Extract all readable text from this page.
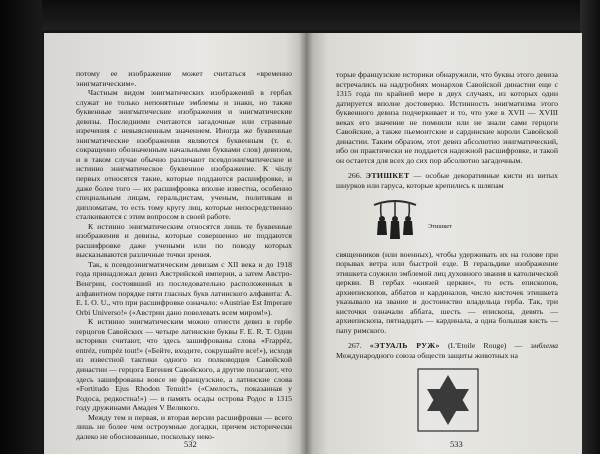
потому ее изображение может считаться «временно энигматическим».

Частным видом энигматических изображений в гербах служат не только непонятные эмблемы и знаки, но также буквенные энигматические изображения и энигматические девизы. Последними считаются загадочные или странные изречения с невыясненным значением. Иногда же буквенные энигматические изображения являются буквенным (т. е. сокращенно обозначенным начальными буквами слов) девизом, и в таком случае обычно различают псевдоэнигматическое и истинно энигматическое буквенное изображение. К чisлу первых относятся такие, которые поддаются расшифровке, и даже более того — их расшифровка вполне известна, особенно специальным лицам, геральдистам, ученым, политикам и дипломатам, то есть тому кругу лиц, которые непосредственно сталкиваются с этим вопросом в своей работе.

К истинно энигматическим относятся лишь те буквенные изображения и девизы, которые совершенно не поддаются расшифровке даже учеными или по поводу которых высказываются различные точки зрения.

Так, к псевдоэнигматическим девизам с XII века и до 1918 года принадлежал девиз Австрийской империи, а затем Австро-Венгрии, состоявший из последовательно расположенных в алфавитном порядке пяти гласных букв латинского алфавита: A. E. I. O. U., что при расшифровке означало: «Austriae Est Imperare Orbi Universo!» («Австрии дано повелевать всем миром!»).

К истинно энигматическим можно отнести девиз в гербе герцогов Савойских — четыре латинские буквы F. E. R. T. Одни историки считают, что здесь зашифрованы слова «Frappéz, entréz, rompéz tout!» («Бейте, входите, сокрушайте все!»), исходя из известной тактики одного из полководцев Савойской династии — герцога Евгения Савойского, а другие полагают, что здесь зашифрованы вовсе не французские, а латинские слова «Fortitudo Ejus Rhodon Tenuit!» («Смелость, показанная у Родоса, редкостна!») — в память осады острова Родос в 1315 году дружинами Амадея V Великого.

Между тем и первая, и вторая версии расшифровки — всего лишь не более чем остроумные догадки, причем исторически далеко не обоснованные, поскольку неко-

532

торые французские историки обнаружили, что буквы этого девиза встречались на надгробиях монархов Савойской династии еще с 1315 года по крайней мере в двух случаях, из которых один датируется вполне достоверно. Истинность энигматизма этого буквенного девиза подчеркивает и то, что уже в XVII — XVIII веках его значение не помнили или не знали сами герцоги Савойские, а также пьемонтские и сардинские короли Савойской династии. Таким образом, этот девиз абсолютно энигматический, ибо он практически не поддается надежной расшифровке, и такой он остается для всех до сих пор абсолютно загадочным.

266. ЭТИШКЕТ — особые декоративные кисти из витых шнурков или гаруса, которые крепились к шляпам

Этишкет

священников (или военных), чтобы удерживать их на голове при порывах ветра или быстрой езде. В геральдике изображение этишкета служило эмблемой лиц духовного звания в католической церкви. В гербах «князей церкви», то есть епископов, архиепископов, аббатов и кардиналов, число кисточек этишкета указывало на звание и достоинство владельца герба. Так, три кисточки означали аббата, шесть — епископа, девять — архиепископа, пятнадцать — кардинала, а одна большая кисть — папу римского.

267. «ЭТУАЛЬ РУЖ» (L'Etoile Rouge) — эмблема Международного союза обществ защиты животных на

533
